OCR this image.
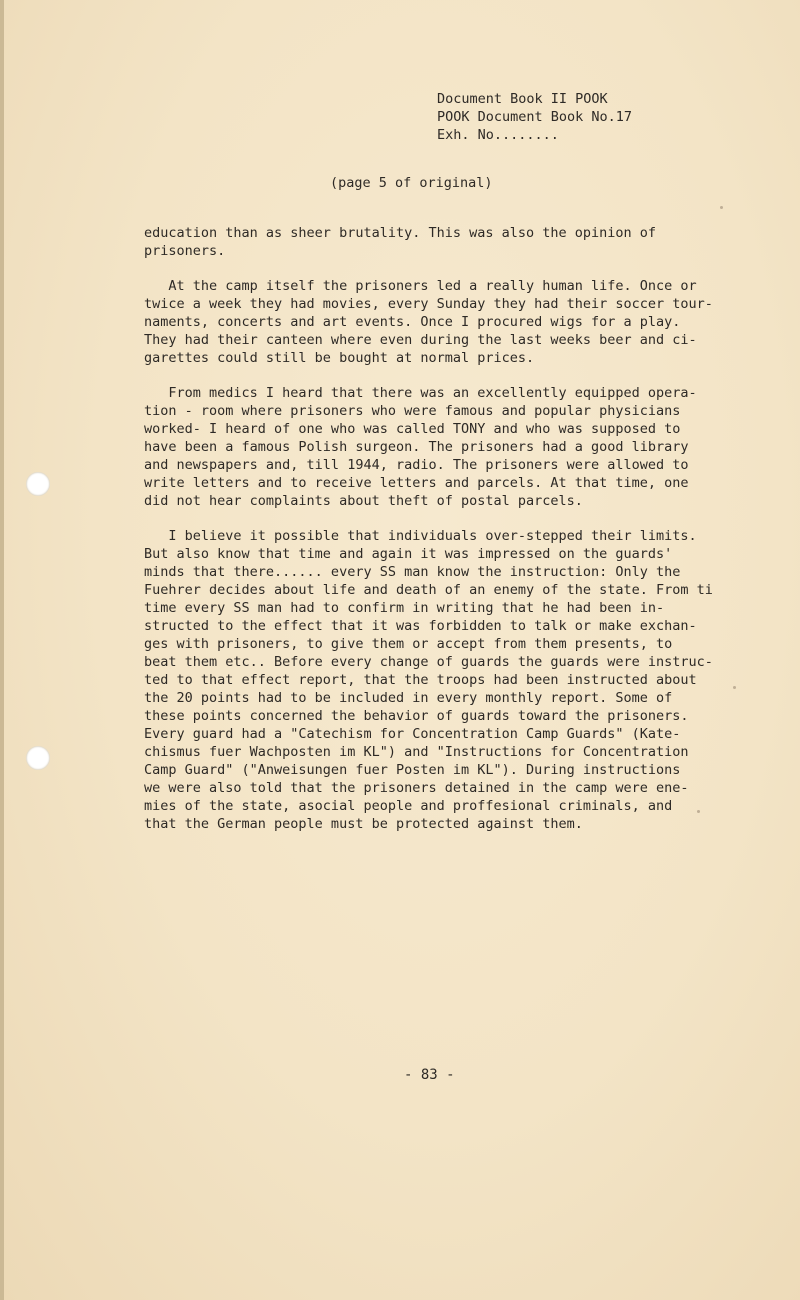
Document Book II POOK
POOK Document Book No.17
Exh. No........
(page 5 of original)

education than as sheer brutality. This was also the opinion of
prisoners.

At the camp itself the prisoners led a really human life. Once or
twice a week they had movies, every Sunday they had their soccer tour-
naments, concerts and art events. Once I procured wigs for a play.
They had their canteen where even during the last weeks beer and ci-
garettes could still be bought at normal prices.

From medics I heard that there was an excellently equipped opera-
tion - room where prisoners who were famous and popular physicians
worked- I heard of one who was called TONY and who was supposed to
have been a famous Polish surgeon. The prisoners had a good library
and newspapers and, till 1944, radio. The prisoners were allowed to
write letters and to receive letters and parcels. At that time, one
did not hear complaints about theft of postal parcels.

I believe it possible that individuals over-stepped their limits.
But also know that time and again it was impressed on the guards'
minds that there...... every SS man know the instruction: Only the
Fuehrer decides about life and death of an enemy of the state. From ti
time every SS man had to confirm in writing that he had been in-
structed to the effect that it was forbidden to talk or make exchan-
ges with prisoners, to give them or accept from them presents, to
beat them etc.. Before every change of guards the guards were instruc-
ted to that effect report, that the troops had been instructed about
the 20 points had to be included in every monthly report. Some of
these points concerned the behavior of guards toward the prisoners.
Every guard had a "Catechism for Concentration Camp Guards" (Kate-
chismus fuer Wachposten im KL") and "Instructions for Concentration
Camp Guard" ("Anweisungen fuer Posten im KL"). During instructions
we were also told that the prisoners detained in the camp were ene-
mies of the state, asocial people and proffesional criminals, and
that the German people must be protected against them.

- 83 -
